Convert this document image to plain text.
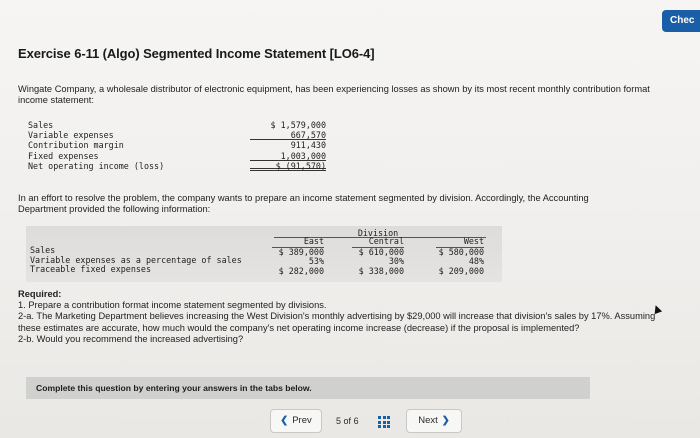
Chec
Exercise 6-11 (Algo) Segmented Income Statement [LO6-4]

Wingate Company, a wholesale distributor of electronic equipment, has been experiencing losses as shown by its most recent monthly contribution format income statement:

Sales
Variable expenses
Contribution margin
Fixed expenses
Net operating income (loss)
$ 1,579,000
667,570
911,430
1,003,000
$ (91,570)

In an effort to resolve the problem, the company wants to prepare an income statement segmented by division. Accordingly, the Accounting Department provided the following information:

Division
Sales
Variable expenses as a percentage of sales
Traceable fixed expenses
East
$ 389,000
53%
$ 282,000
Central
$ 610,000
30%
$ 338,000
West
$ 580,000
48%
$ 209,000
Required:
1. Prepare a contribution format income statement segmented by divisions.
2-a. The Marketing Department believes increasing the West Division's monthly advertising by $29,000 will increase that division's sales by 17%. Assuming these estimates are accurate, how much would the company's net operating income increase (decrease) if the proposal is implemented?
2-b. Would you recommend the increased advertising?
Complete this question by entering your answers in the tabs below.
❮ Prev	5 of 6	Next ❯
